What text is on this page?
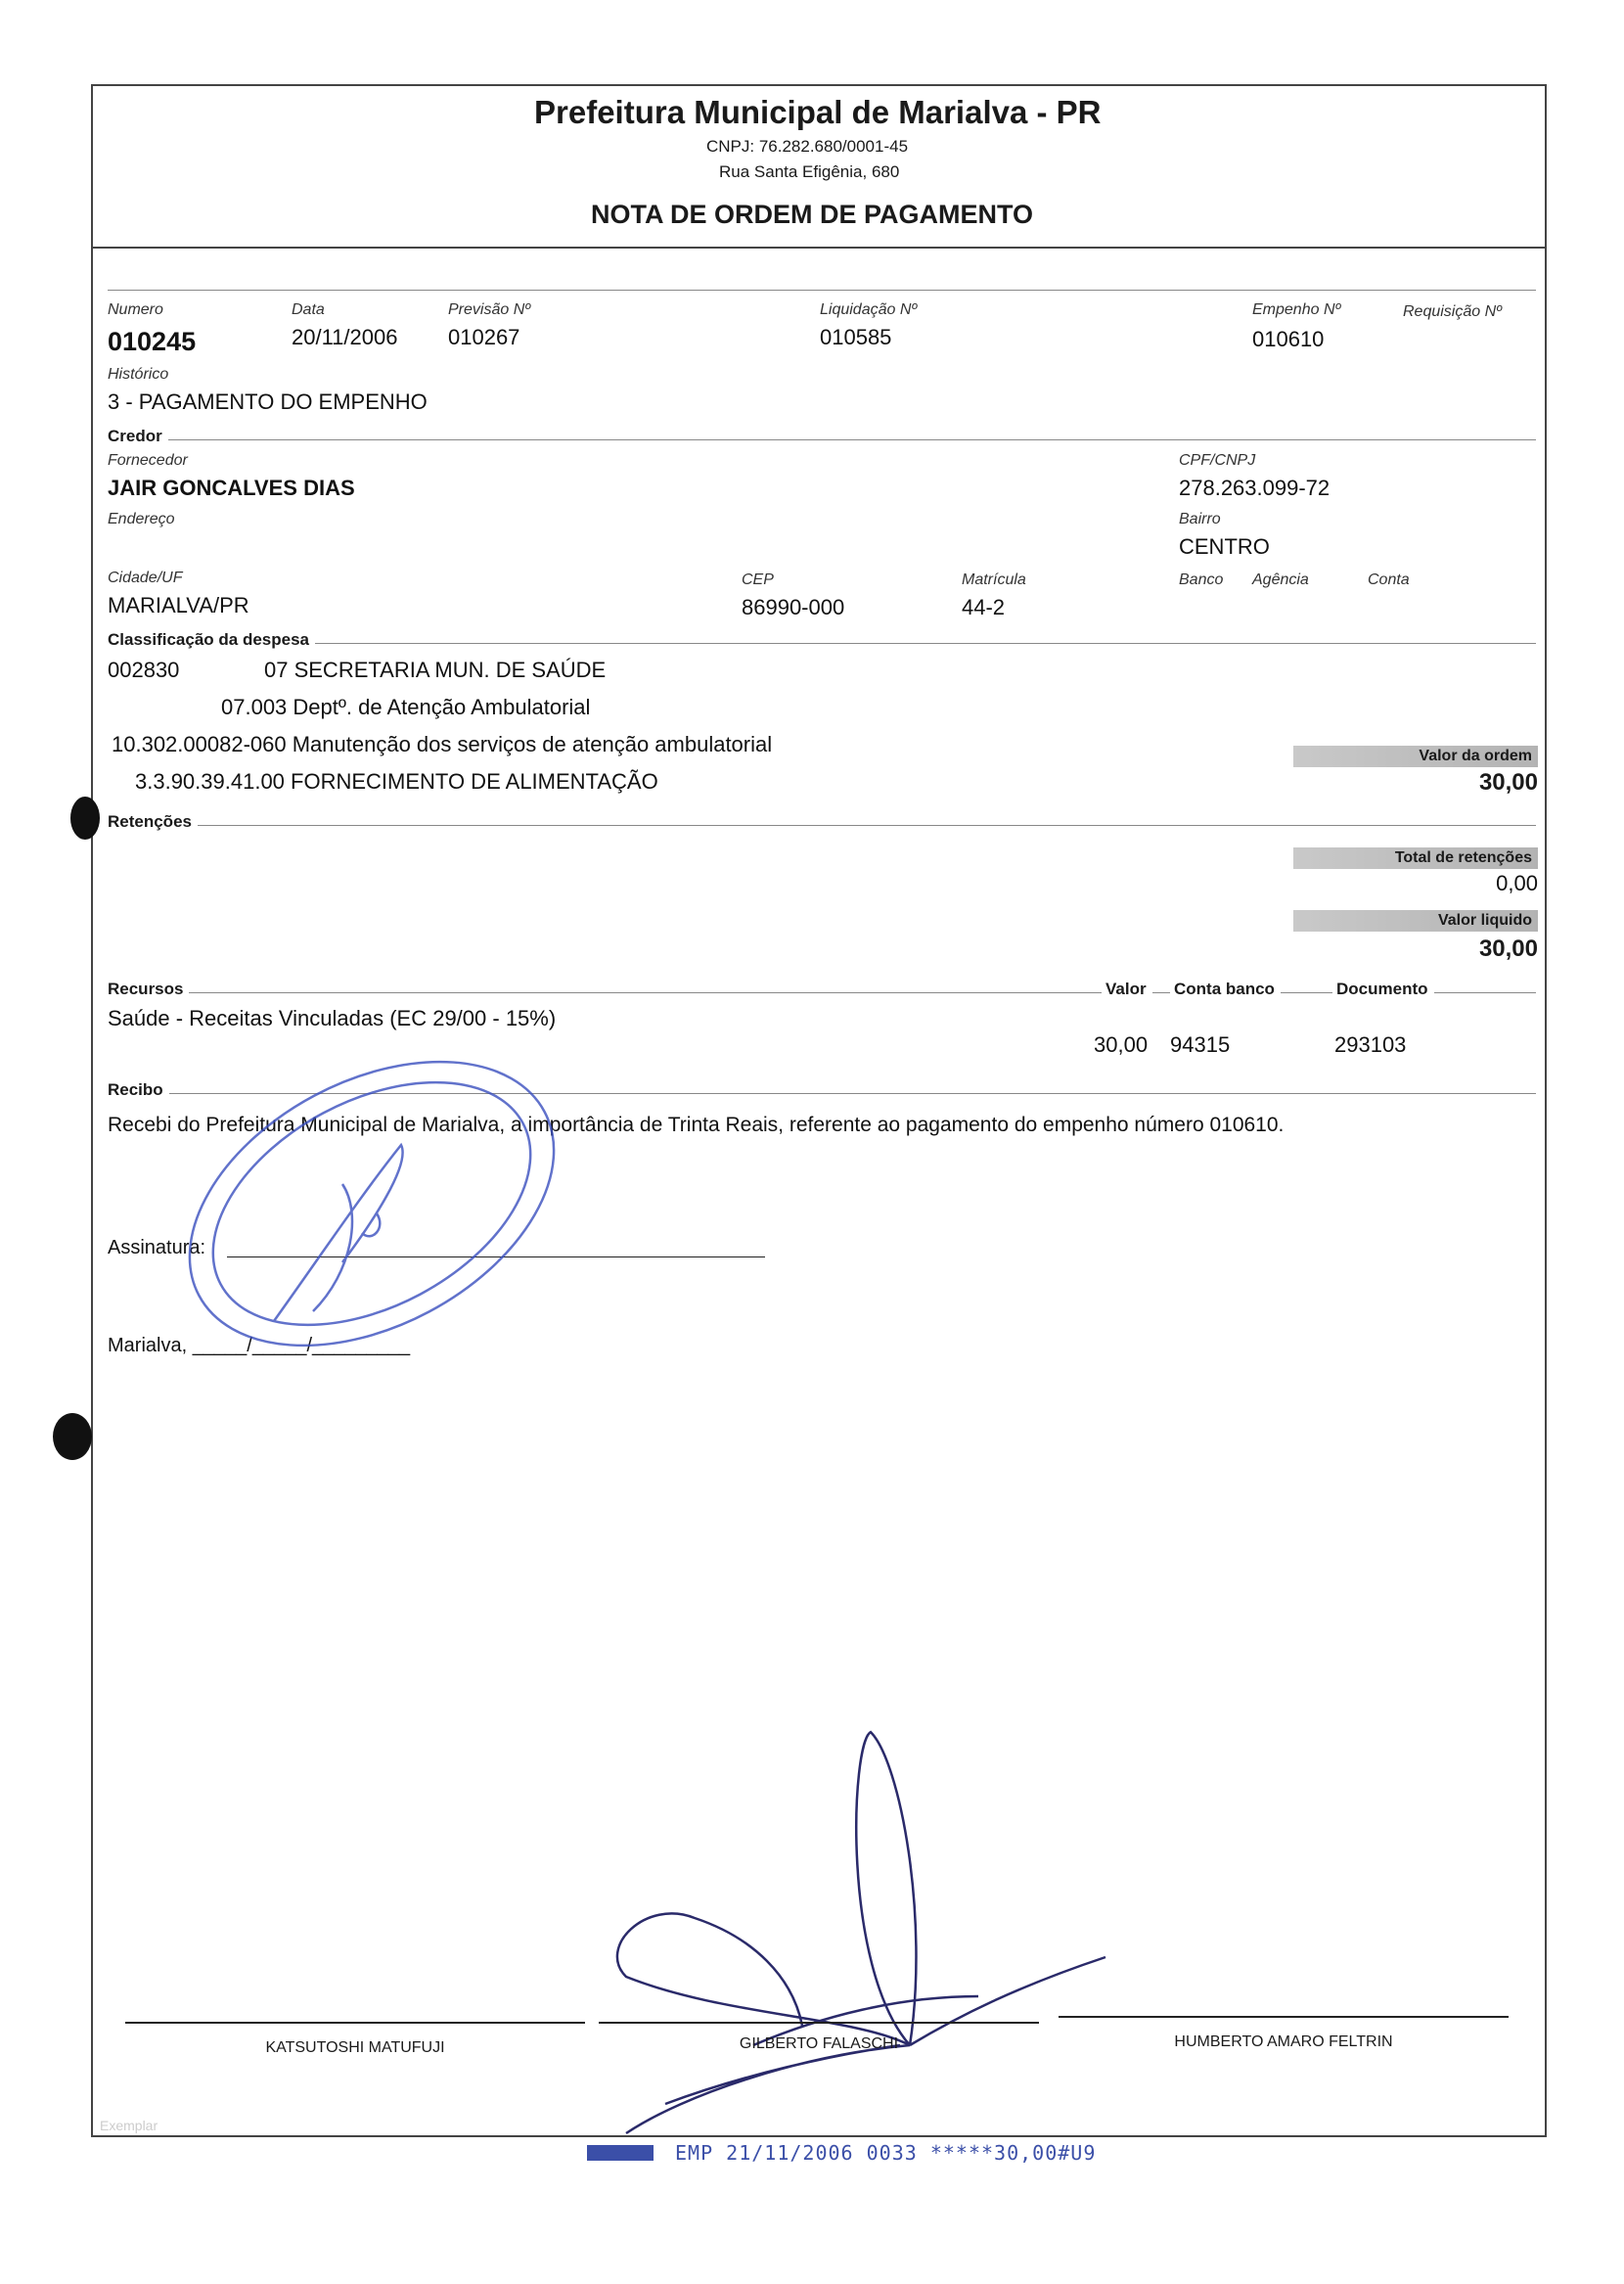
Prefeitura Municipal de Marialva - PR
CNPJ: 76.282.680/0001-45
Rua Santa Efigênia, 680
NOTA DE ORDEM DE PAGAMENTO
Numero
010245
Data
20/11/2006
Previsão Nº
010267
Liquidação Nº
010585
Empenho Nº
010610
Requisição Nº
Histórico
3 - PAGAMENTO DO EMPENHO
Credor
Fornecedor
JAIR GONCALVES DIAS
CPF/CNPJ
278.263.099-72
Endereço	Bairro
CENTRO
Cidade/UF
MARIALVA/PR
CEP
86990-000
Matrícula
44-2
Banco Agência	Conta
Classificação da despesa
002830	07 SECRETARIA MUN. DE SAÚDE
07.003 Deptº. de Atenção Ambulatorial
10.302.00082-060 Manutenção dos serviços de atenção ambulatorial
3.3.90.39.41.00 FORNECIMENTO DE ALIMENTAÇÃO
Valor da ordem
30,00
Retenções
Total de retenções
0,00
Valor liquido
30,00
Recursos	Valor	Conta banco	Documento
Saúde - Receitas Vinculadas (EC 29/00 - 15%)
30,00 94315	293103
Recibo
Recebi do Prefeitura Municipal de Marialva, a importância de Trinta Reais, referente ao pagamento do empenho número 010610.
Assinatura:
Marialva, _____/_____/_________
KATSUTOSHI MATUFUJI	GILBERTO FALASCHI	HUMBERTO AMARO FELTRIN
Exemplar
EMP 21/11/2006 0033 *****30,00#U9
